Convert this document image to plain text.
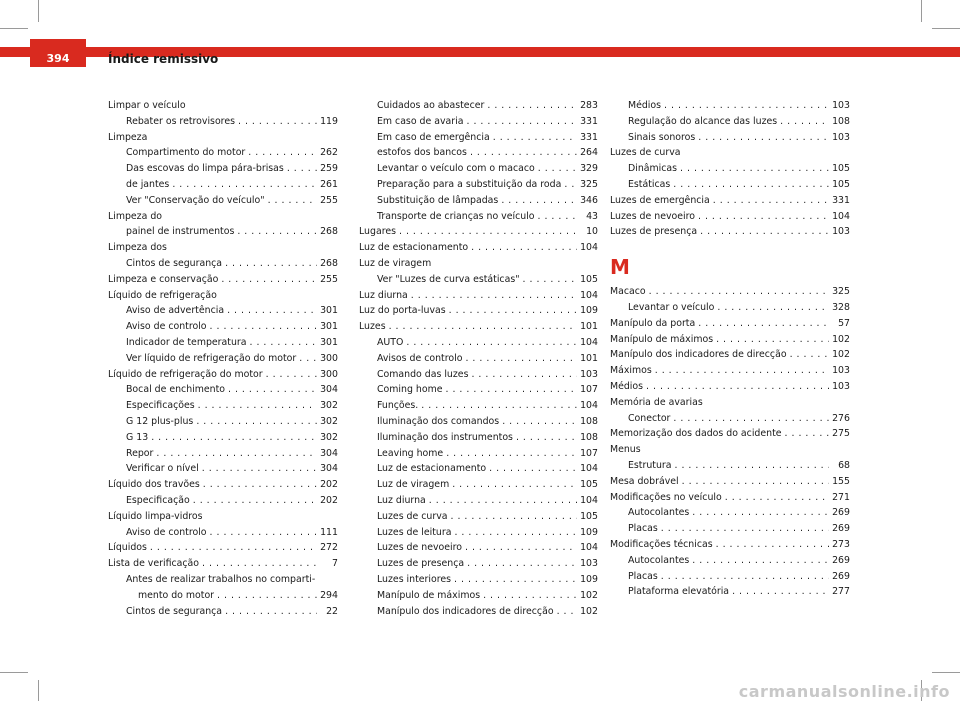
394	Índice remissivo
Limpar o veículo
Rebater os retrovisores . . .	119
Limpeza
Compartimento do motor . . .	262
Das escovas do limpa pára-brisas . . .	259
de jantes . . .	261
Ver "Conservação do veículo" . . .	255
Limpeza do
painel de instrumentos . . .	268
Limpeza dos
Cintos de segurança . . .	268
Limpeza e conservação . . .	255
Líquido de refrigeração
Aviso de advertência . . .	301
Aviso de controlo . . .	301
Indicador de temperatura . . .	301
Ver líquido de refrigeração do motor . . .	300
Líquido de refrigeração do motor . . .	300
Bocal de enchimento . . .	304
Especificações . . .	302
G 12 plus-plus . . .	302
G 13 . . .	302
Repor . . .	304
Verificar o nível . . .	304
Líquido dos travões . . .	202
Especificação . . .	202
Líquido limpa-vidros
Aviso de controlo . . .	111
Líquidos . . .	272
Lista de verificação . . .	7
Antes de realizar trabalhos no comparti-
mento do motor . . .	294
Cintos de segurança . . .	22
Cuidados ao abastecer . . .	283
Em caso de avaria . . .	331
Em caso de emergência . . .	331
estofos dos bancos . . .	264
Levantar o veículo com o macaco . . .	329
Preparação para a substituição da roda . . . 325
Substituição de lâmpadas . . .	346
Transporte de crianças no veículo . . .	43
Lugares . . .	10
Luz de estacionamento . . .	104
Luz de viragem
Ver "Luzes de curva estáticas" . . .	105
Luz diurna . . .	104
Luz do porta-luvas . . .	109
Luzes . . .	101
AUTO . . .	104
Avisos de controlo . . .	101
Comando das luzes . . .	103
Coming home . . .	107
Funções. . . .	104
Iluminação dos comandos . . .	108
Iluminação dos instrumentos . . .	108
Leaving home . . .	107
Luz de estacionamento . . .	104
Luz de viragem . . .	105
Luz diurna . . .	104
Luzes de curva . . .	105
Luzes de leitura . . .	109
Luzes de nevoeiro . . .	104
Luzes de presença . . .	103
Luzes interiores . . .	109
Manípulo de máximos . . .	102
Manípulo dos indicadores de direcção . . .	102
Médios . . .	103
Regulação do alcance das luzes . . .	108
Sinais sonoros . . .	103
Luzes de curva
Dinâmicas . . .	105
Estáticas . . .	105
Luzes de emergência . . .	331
Luzes de nevoeiro . . .	104
Luzes de presença . . .	103
M
Macaco . . .	325
Levantar o veículo . . .	328
Manípulo da porta . . .	57
Manípulo de máximos . . .	102
Manípulo dos indicadores de direcção . . .	102
Máximos . . .	103
Médios . . .	103
Memória de avarias
Conector . . .	276
Memorização dos dados do acidente . . .	275
Menus
Estrutura . . .	68
Mesa dobrável . . .	155
Modificações no veículo . . .	271
Autocolantes . . .	269
Placas . . .	269
Modificações técnicas . . .	273
Autocolantes . . .	269
Placas . . .	269
Plataforma elevatória . . .	277
carmanualsonline.info
